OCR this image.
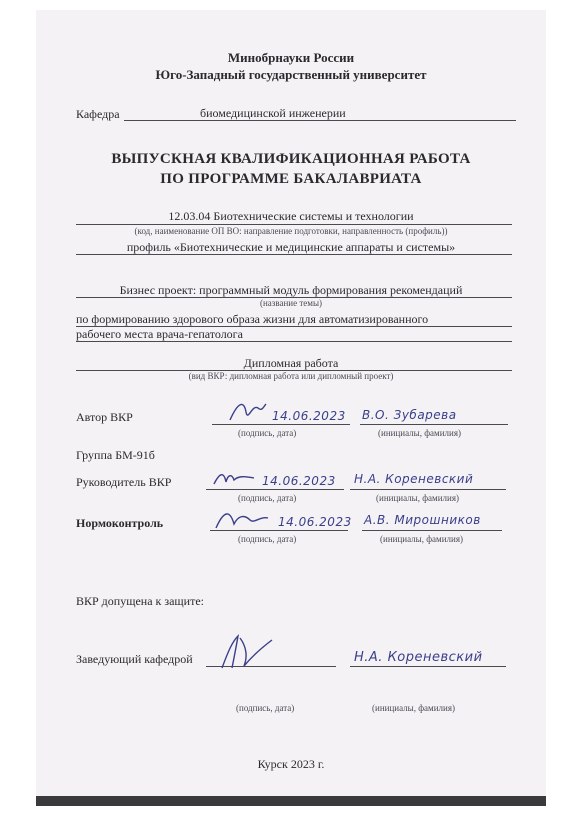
Минобрнауки России
Юго-Западный государственный университет
Кафедра	биомедицинской инженерии
ВЫПУСКНАЯ КВАЛИФИКАЦИОННАЯ РАБОТА
ПО ПРОГРАММЕ БАКАЛАВРИАТА
12.03.04 Биотехнические системы и технологии
(код, наименование ОП ВО: направление подготовки, направленность (профиль))
профиль «Биотехнические и медицинские аппараты и системы»
Бизнес проект: программный модуль формирования рекомендаций
(название темы)
по формированию здорового образа жизни для автоматизированного
рабочего места врача-гепатолога
Дипломная работа
(вид ВКР: дипломная работа или дипломный проект)
Автор ВКР	14.06.2023 В.О. Зубарева
(подпись, дата)	(инициалы, фамилия)
Группа БМ-91б
Руководитель ВКР	14.06.2023 Н.А. Кореневский
(подпись, дата)	(инициалы, фамилия)
Нормоконтроль	14.06.2023 А.В. Мирошников
(подпись, дата)	(инициалы, фамилия)
ВКР допущена к защите:
Заведующий кафедрой	Н.А. Кореневский
(подпись, дата)	(инициалы, фамилия)
Курск 2023 г.
